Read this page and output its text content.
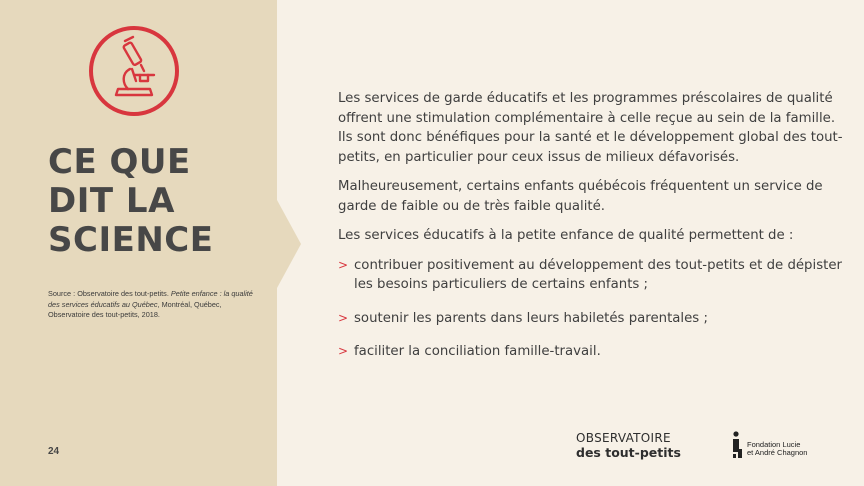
CE QUE
DIT LA
SCIENCE
Source : Observatoire des tout-petits. Petite enfance : la qualité des services éducatifs au Québec, Montréal, Québec, Observatoire des tout-petits, 2018.
24

Les services de garde éducatifs et les programmes préscolaires de qualité offrent une stimulation complémentaire à celle reçue au sein de la famille. Ils sont donc bénéfiques pour la santé et le développement global des tout-petits, en particulier pour ceux issus de milieux défavorisés.

Malheureusement, certains enfants québécois fréquentent un service de garde de faible ou de très faible qualité.

Les services éducatifs à la petite enfance de qualité permettent de :

> contribuer positivement au développement des tout-petits et de dépister les besoins particuliers de certains enfants ;
> soutenir les parents dans leurs habiletés parentales ;
> faciliter la conciliation famille-travail.
OBSERVATOIRE
des tout-petits
Fondation Lucie
et André Chagnon
